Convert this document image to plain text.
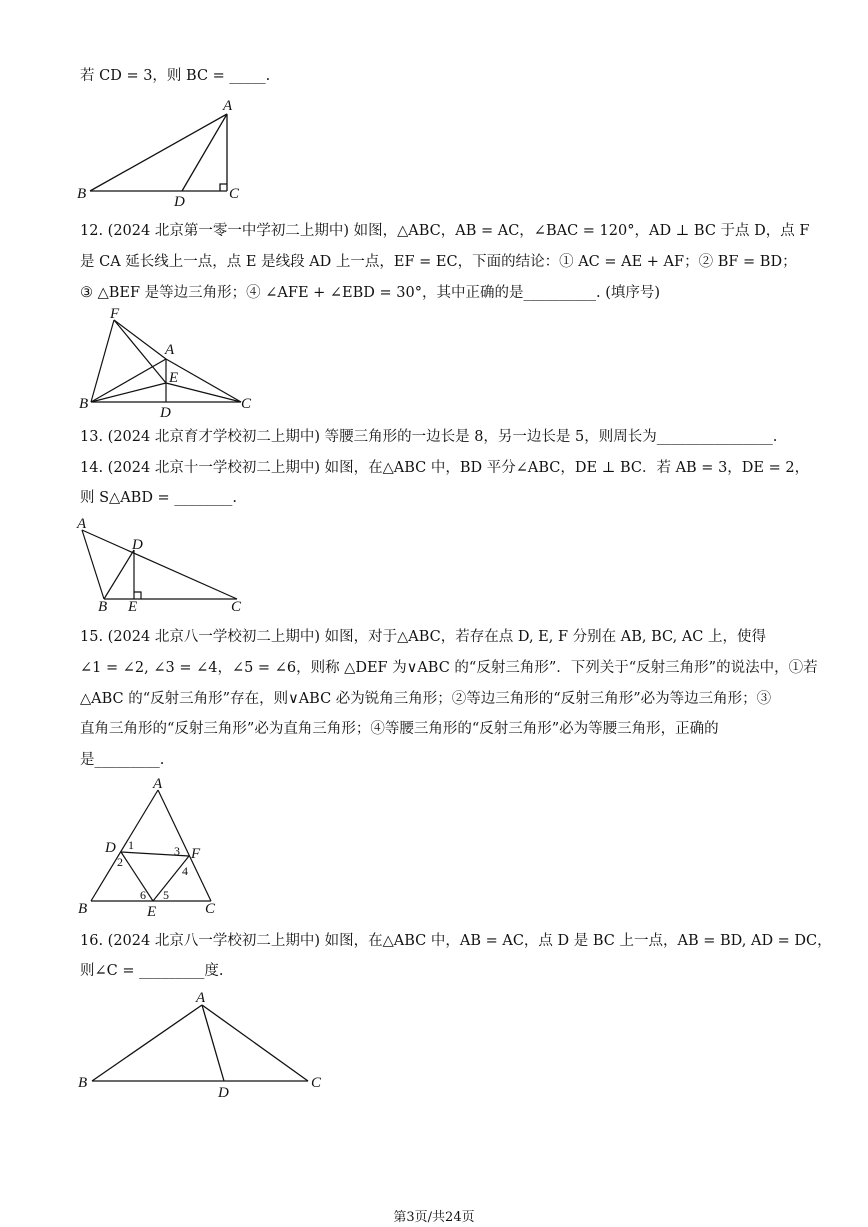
若 CD = 3，则 BC = _____.
A
B	C
D
12. (2024 北京第一零一中学初二上期中) 如图，△ABC，AB = AC，∠BAC = 120°，AD ⊥ BC 于点 D，点 F
是 CA 延长线上一点，点 E 是线段 AD 上一点，EF = EC，下面的结论：① AC = AE + AF；② BF = BD；
③ △BEF 是等边三角形；④ ∠AFE + ∠EBD = 30°，其中正确的是__________. (填序号)
F
A
E
B	C
D
13. (2024 北京育才学校初二上期中) 等腰三角形的一边长是 8，另一边长是 5，则周长为________________.
14. (2024 北京十一学校初二上期中) 如图，在△ABC 中，BD 平分∠ABC，DE ⊥ BC．若 AB = 3，DE = 2，
则 S△ABD = ________.
A
D
B E	C
15. (2024 北京八一学校初二上期中) 如图，对于△ABC，若存在点 D, E, F 分别在 AB, BC, AC 上，使得
∠1 = ∠2, ∠3 = ∠4，∠5 = ∠6，则称 △DEF 为∨ABC 的“反射三角形”．下列关于“反射三角形”的说法中，①若
△ABC 的“反射三角形”存在，则∨ABC 必为锐角三角形；②等边三角形的“反射三角形”必为等边三角形；③
直角三角形的“反射三角形”必为直角三角形；④等腰三角形的“反射三角形”必为等腰三角形，正确的
是_________.
A
D	F
B	E	C
1
2
3
4
5
6
16. (2024 北京八一学校初二上期中) 如图，在△ABC 中，AB = AC，点 D 是 BC 上一点，AB = BD, AD = DC，
则∠C = _________度.
A
B	C
D
第3页/共24页
